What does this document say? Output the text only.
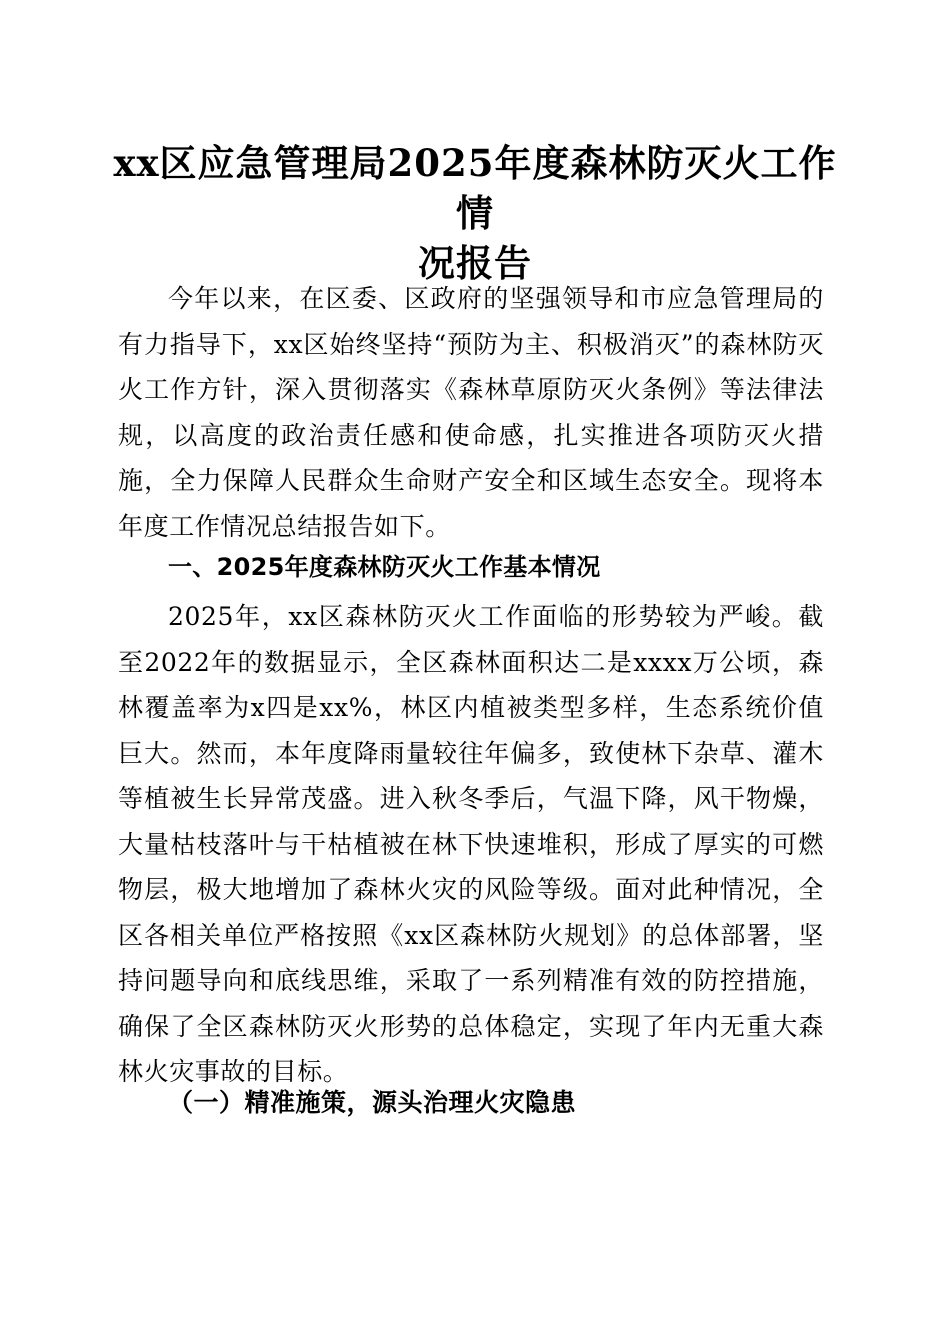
xx区应急管理局2025年度森林防灭火工作情
况报告

今年以来，在区委、区政府的坚强领导和市应急管理局的有力指导下，xx区始终坚持“预防为主、积极消灭”的森林防灭火工作方针，深入贯彻落实《森林草原防灭火条例》等法律法规，以高度的政治责任感和使命感，扎实推进各项防灭火措施，全力保障人民群众生命财产安全和区域生态安全。现将本年度工作情况总结报告如下。

一、2025年度森林防灭火工作基本情况

2025年，xx区森林防灭火工作面临的形势较为严峻。截至2022年的数据显示，全区森林面积达二是xxxx万公顷，森林覆盖率为x四是xx%，林区内植被类型多样，生态系统价值巨大。然而，本年度降雨量较往年偏多，致使林下杂草、灌木等植被生长异常茂盛。进入秋冬季后，气温下降，风干物燥，大量枯枝落叶与干枯植被在林下快速堆积，形成了厚实的可燃物层，极大地增加了森林火灾的风险等级。面对此种情况，全区各相关单位严格按照《xx区森林防火规划》的总体部署，坚持问题导向和底线思维，采取了一系列精准有效的防控措施，确保了全区森林防灭火形势的总体稳定，实现了年内无重大森林火灾事故的目标。

（一）精准施策，源头治理火灾隐患
